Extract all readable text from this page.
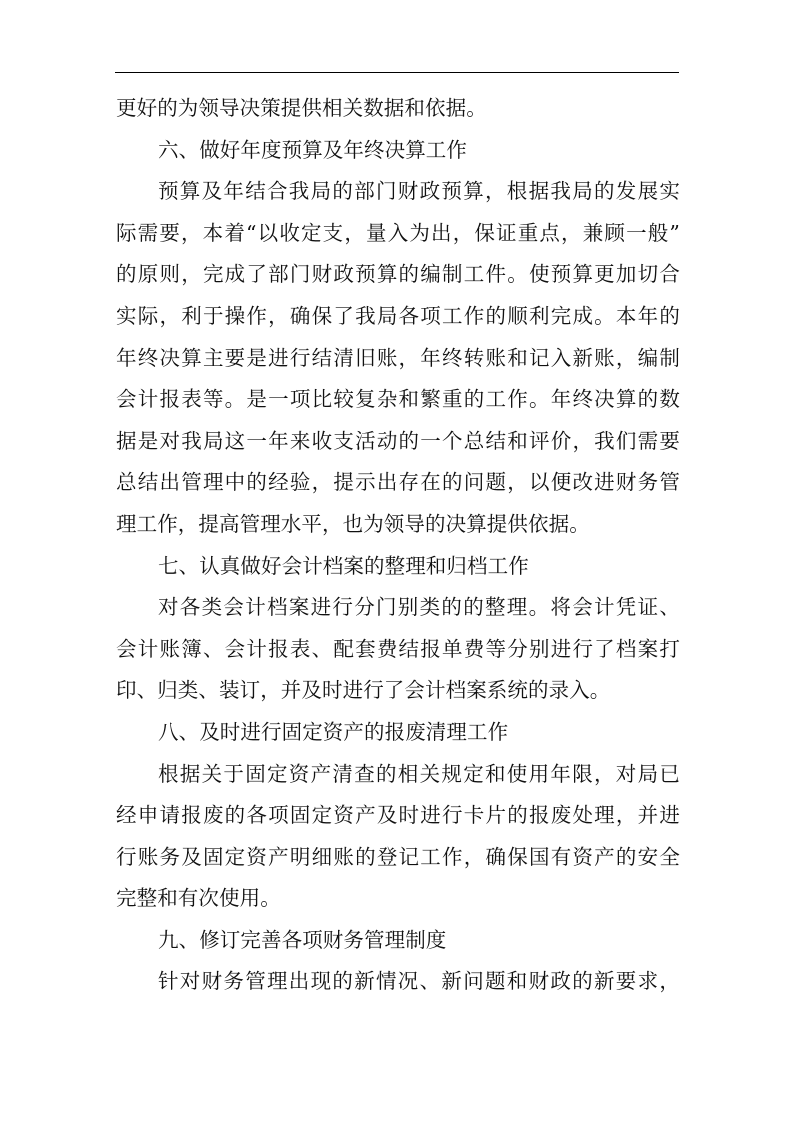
更好的为领导决策提供相关数据和依据。
六、做好年度预算及年终决算工作
预算及年结合我局的部门财政预算，根据我局的发展实
际需要，本着“以收定支，量入为出，保证重点，兼顾一般”
的原则，完成了部门财政预算的编制工件。使预算更加切合
实际，利于操作，确保了我局各项工作的顺利完成。本年的
年终决算主要是进行结清旧账，年终转账和记入新账，编制
会计报表等。是一项比较复杂和繁重的工作。年终决算的数
据是对我局这一年来收支活动的一个总结和评价，我们需要
总结出管理中的经验，提示出存在的问题，以便改进财务管
理工作，提高管理水平，也为领导的决算提供依据。
七、认真做好会计档案的整理和归档工作
对各类会计档案进行分门别类的的整理。将会计凭证、
会计账簿、会计报表、配套费结报单费等分别进行了档案打
印、归类、装订，并及时进行了会计档案系统的录入。
八、及时进行固定资产的报废清理工作
根据关于固定资产清查的相关规定和使用年限，对局已
经申请报废的各项固定资产及时进行卡片的报废处理，并进
行账务及固定资产明细账的登记工作，确保国有资产的安全
完整和有次使用。
九、修订完善各项财务管理制度
针对财务管理出现的新情况、新问题和财政的新要求，
